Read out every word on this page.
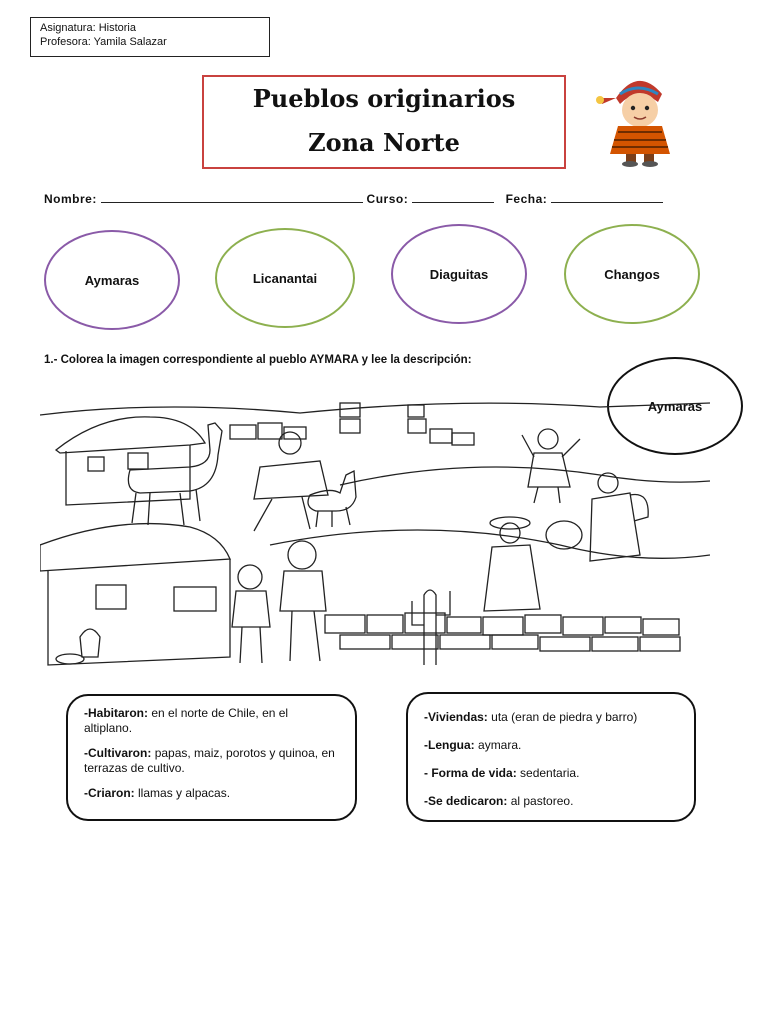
Asignatura: Historia
Profesora: Yamila Salazar
Pueblos originarios
Zona Norte
Nombre:	Curso:	Fecha:
Aymaras	Licanantai	Diaguitas	Changos
1.- Colorea la imagen correspondiente al pueblo AYMARA y lee la descripción:
Aymaras

-Habitaron: en el norte de Chile, en el altiplano.

-Cultivaron: papas, maiz, porotos y quinoa, en terrazas de cultivo.

-Criaron: llamas y alpacas.

-Viviendas: uta (eran de piedra y barro)

-Lengua: aymara.

- Forma de vida: sedentaria.

-Se dedicaron: al pastoreo.
